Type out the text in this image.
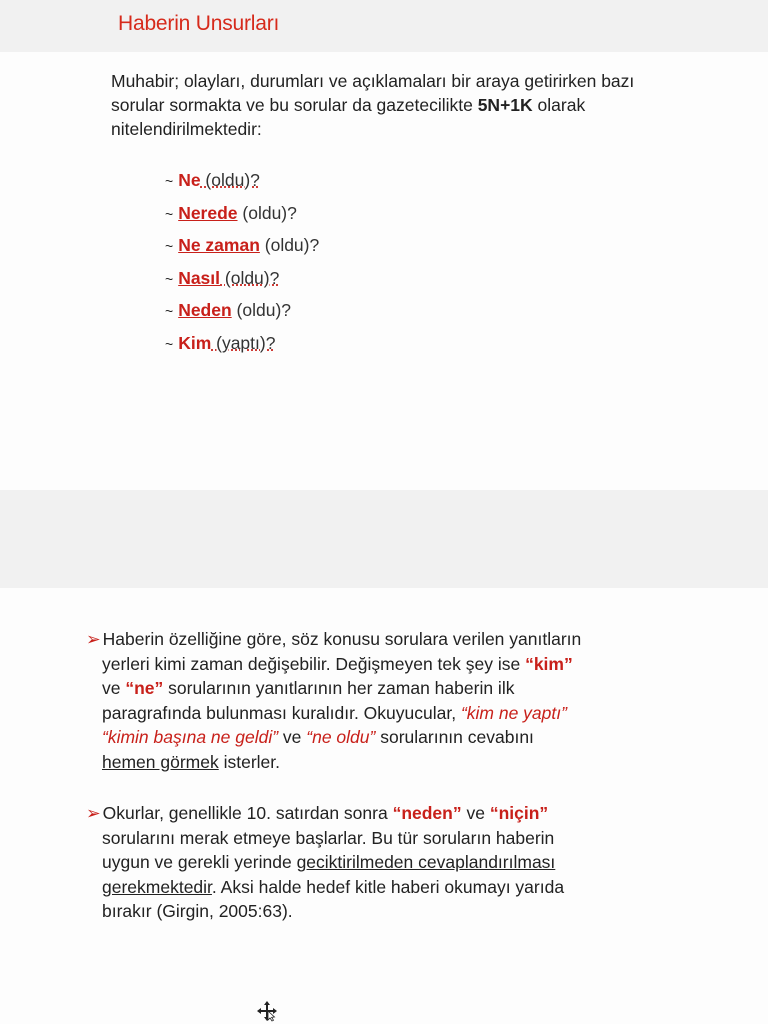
Haberin Unsurları
Muhabir; olayları, durumları ve açıklamaları bir araya getirirken bazı sorular sormakta ve bu sorular da gazetecilikte 5N+1K olarak nitelendirilmektedir:
~ Ne (oldu)?
~ Nerede (oldu)?
~ Ne zaman (oldu)?
~ Nasıl (oldu)?
~ Neden (oldu)?
~ Kim (yaptı)?
➢ Haberin özelliğine göre, söz konusu sorulara verilen yanıtların
yerleri kimi zaman değişebilir. Değişmeyen tek şey ise “kim”
ve “ne” sorularının yanıtlarının her zaman haberin ilk
paragrafında bulunması kuralıdır. Okuyucular, “kim ne yaptı”
“kimin başına ne geldi” ve “ne oldu” sorularının cevabını
hemen görmek isterler.
➢ Okurlar, genellikle 10. satırdan sonra “neden” ve “niçin”
sorularını merak etmeye başlarlar. Bu tür soruların haberin
uygun ve gerekli yerinde geciktirilmeden cevaplandırılması
gerekmektedir. Aksi halde hedef kitle haberi okumayı yarıda
bırakır (Girgin, 2005:63).
